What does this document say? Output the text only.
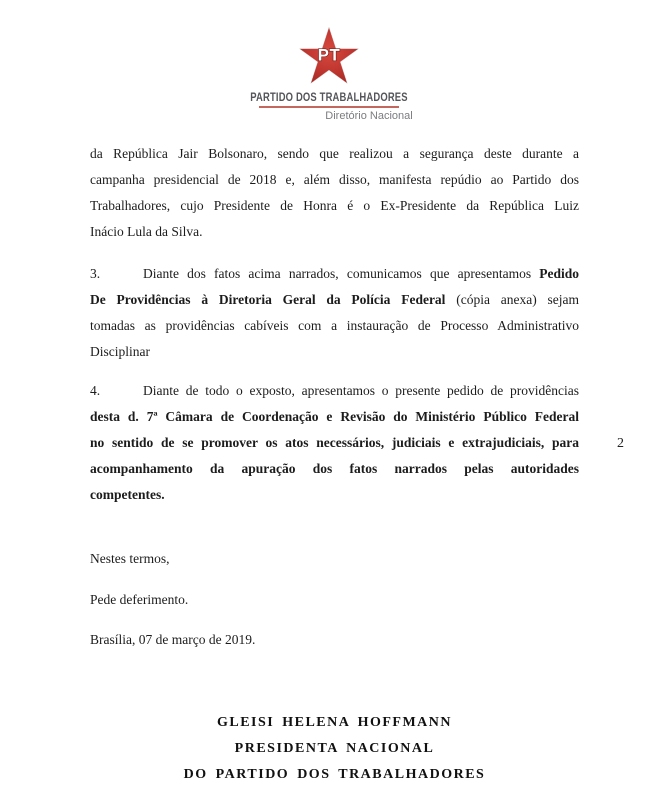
PT
PARTIDO DOS TRABALHADORES
Diretório Nacional
da República Jair Bolsonaro, sendo que realizou a segurança deste durante a
campanha presidencial de 2018 e, além disso, manifesta repúdio ao Partido dos
Trabalhadores, cujo Presidente de Honra é o Ex-Presidente da República Luiz
Inácio Lula da Silva.
3.	Diante dos fatos acima narrados, comunicamos que apresentamos Pedido
De Providências à Diretoria Geral da Polícia Federal (cópia anexa) sejam
tomadas as providências cabíveis com a instauração de Processo Administrativo
Disciplinar
4.	Diante de todo o exposto, apresentamos o presente pedido de providências
desta d. 7ª Câmara de Coordenação e Revisão do Ministério Público Federal
no sentido de se promover os atos necessários, judiciais e extrajudiciais, para
acompanhamento da apuração dos fatos narrados pelas autoridades
competentes.
Nestes termos,
Pede deferimento.
Brasília, 07 de março de 2019.
GLEISI HELENA HOFFMANN
PRESIDENTA NACIONAL
DO PARTIDO DOS TRABALHADORES
2
